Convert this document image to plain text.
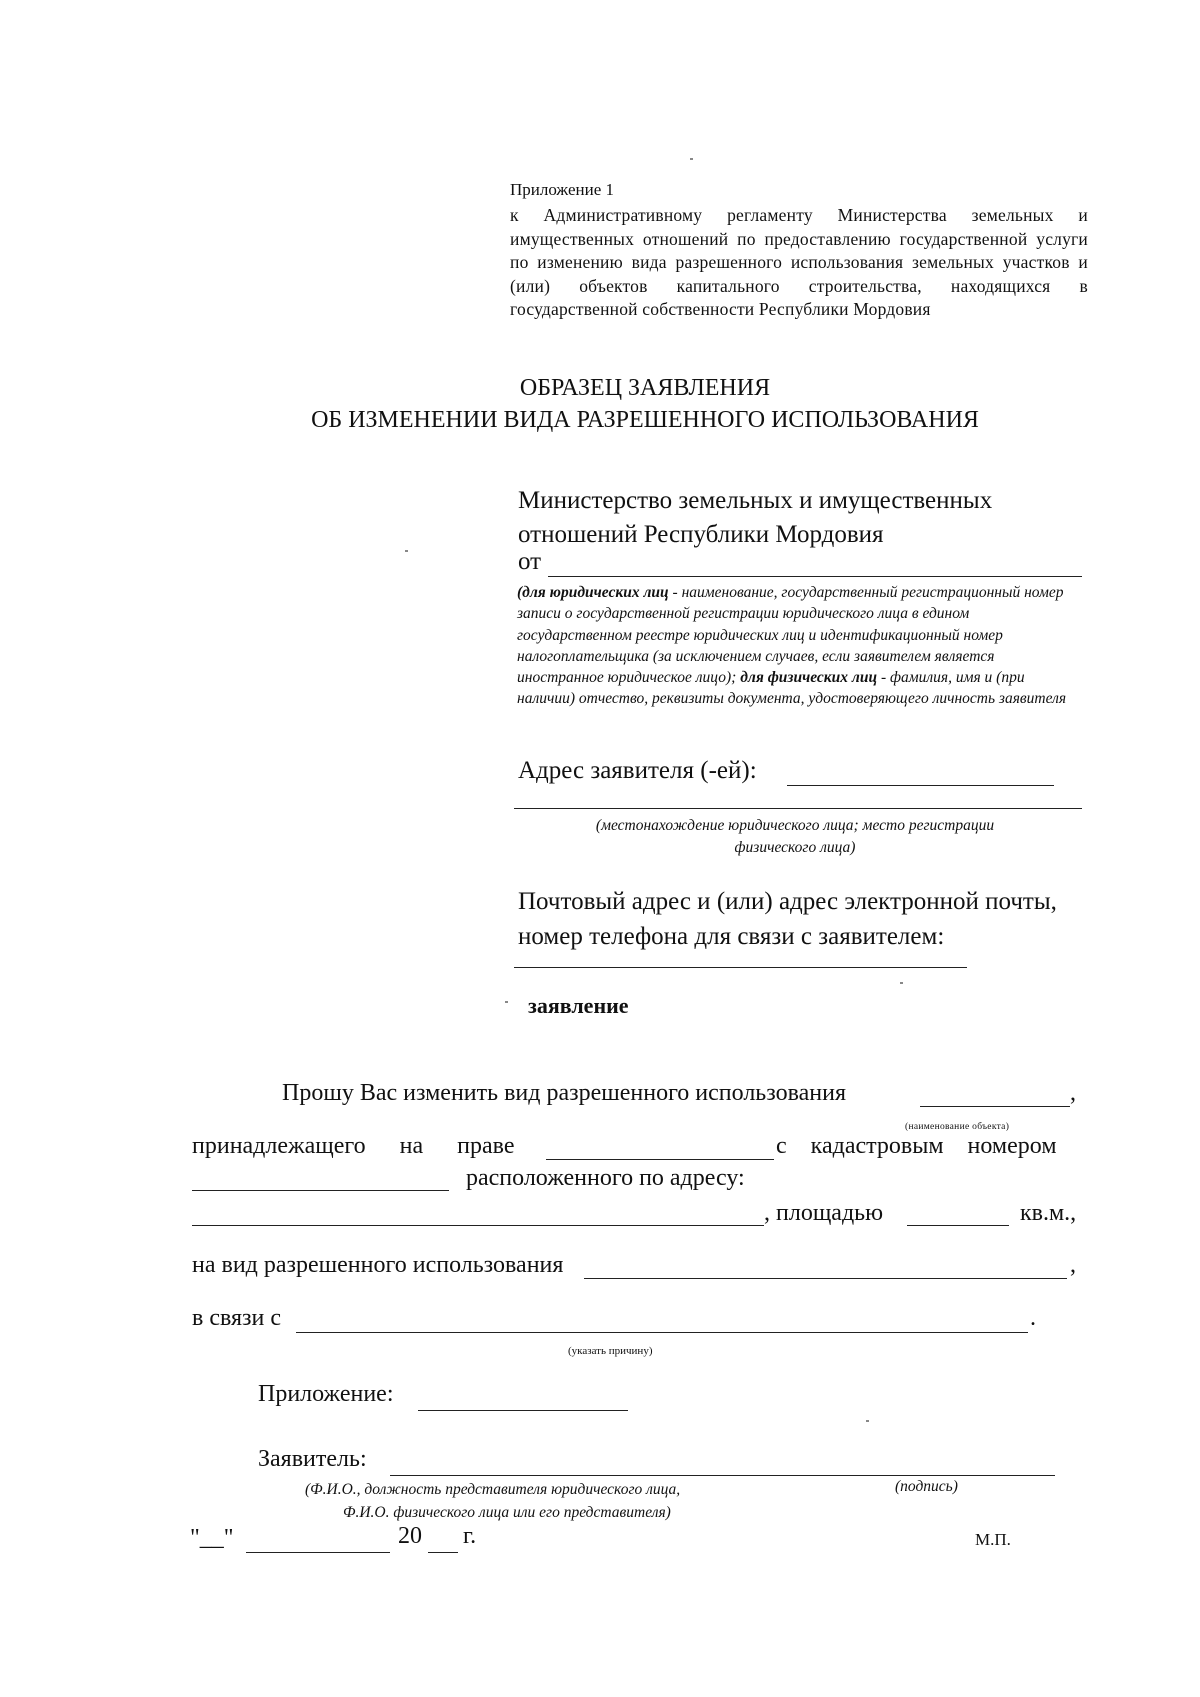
Приложение 1
к Административному регламенту Министерства земельных и имущественных отношений по предоставлению государственной услуги по изменению вида разрешенного использования земельных участков и (или) объектов капитального строительства, находящихся в государственной собственности Республики Мордовия
ОБРАЗЕЦ ЗАЯВЛЕНИЯ
ОБ ИЗМЕНЕНИИ ВИДА РАЗРЕШЕННОГО ИСПОЛЬЗОВАНИЯ
Министерство земельных и имущественных отношений Республики Мордовия
от
(для юридических лиц - наименование, государственный регистрационный номер записи о государственной регистрации юридического лица в едином государственном реестре юридических лиц и идентификационный номер налогоплательщика (за исключением случаев, если заявителем является иностранное юридическое лицо); для физических лиц - фамилия, имя и (при наличии) отчество, реквизиты документа, удостоверяющего личность заявителя
Адрес заявителя (-ей):
(местонахождение юридического лица; место регистрации физического лица)
Почтовый адрес и (или) адрес электронной почты, номер телефона для связи с заявителем:
заявление
Прошу Вас изменить вид разрешенного использования	,
(наименование объекта)
принадлежащего на праве	с кадастровым номером
расположенного по адресу:
, площадью	кв.м.,
на вид разрешенного использования	,
в связи с	.
(указать причину)
Приложение:
Заявитель:
(Ф.И.О., должность представителя юридического лица,
Ф.И.О. физического лица или его представителя)
(подпись)
"__"	20 г.	М.П.
